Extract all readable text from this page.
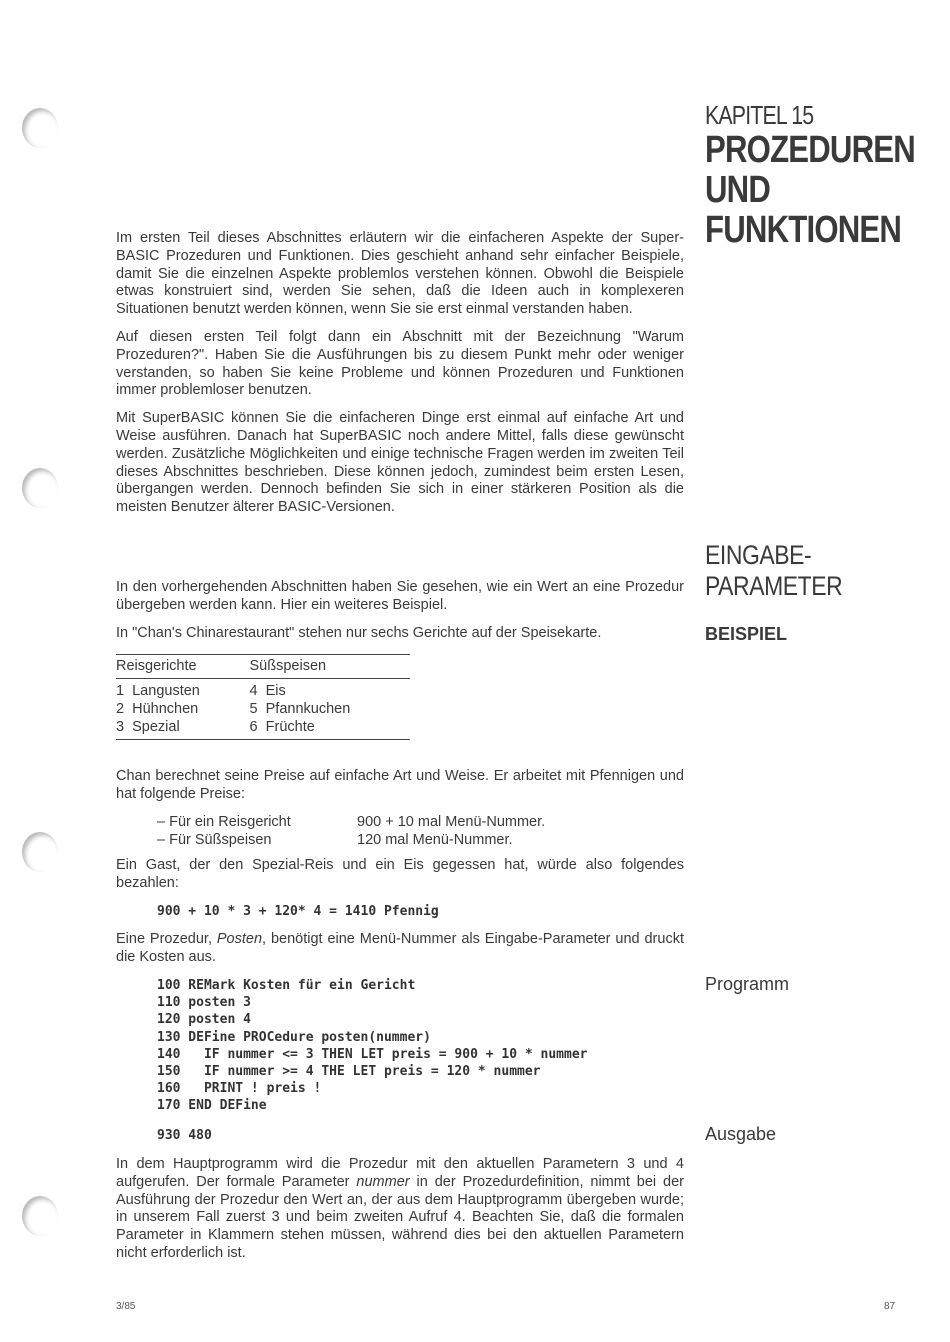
KAPITEL 15
PROZEDUREN
UND
FUNKTIONEN
EINGABE-
PARAMETER
BEISPIEL
Programm
Ausgabe

Im ersten Teil dieses Abschnittes erläutern wir die einfacheren Aspekte der Super-BASIC Prozeduren und Funktionen. Dies geschieht anhand sehr einfacher Beispiele, damit Sie die einzelnen Aspekte problemlos verstehen können. Obwohl die Beispiele etwas konstruiert sind, werden Sie sehen, daß die Ideen auch in komplexeren Situationen benutzt werden können, wenn Sie sie erst einmal verstanden haben.

Auf diesen ersten Teil folgt dann ein Abschnitt mit der Bezeichnung "Warum Prozeduren?". Haben Sie die Ausführungen bis zu diesem Punkt mehr oder weniger verstanden, so haben Sie keine Probleme und können Prozeduren und Funktionen immer problemloser benutzen.

Mit SuperBASIC können Sie die einfacheren Dinge erst einmal auf einfache Art und Weise ausführen. Danach hat SuperBASIC noch andere Mittel, falls diese gewünscht werden. Zusätzliche Möglichkeiten und einige technische Fragen werden im zweiten Teil dieses Abschnittes beschrieben. Diese können jedoch, zumindest beim ersten Lesen, übergangen werden. Dennoch befinden Sie sich in einer stärkeren Position als die meisten Benutzer älterer BASIC-Versionen.

In den vorhergehenden Abschnitten haben Sie gesehen, wie ein Wert an eine Prozedur übergeben werden kann. Hier ein weiteres Beispiel.

In "Chan's Chinarestaurant" stehen nur sechs Gerichte auf der Speisekarte.

Reisgerichte	Süßspeisen
1  Langusten	4  Eis
2  Hühnchen	5  Pfannkuchen
3  Spezial	6  Früchte

Chan berechnet seine Preise auf einfache Art und Weise. Er arbeitet mit Pfennigen und hat folgende Preise:

– Für ein Reisgericht	900 + 10 mal Menü-Nummer.
– Für Süßspeisen	120 mal Menü-Nummer.

Ein Gast, der den Spezial-Reis und ein Eis gegessen hat, würde also folgendes bezahlen:

900 + 10 * 3 + 120* 4 = 1410 Pfennig

Eine Prozedur, Posten, benötigt eine Menü-Nummer als Eingabe-Parameter und druckt die Kosten aus.

100 REMark Kosten für ein Gericht
110 posten 3
120 posten 4
130 DEFine PROCedure posten(nummer)
140   IF nummer <= 3 THEN LET preis = 900 + 10 * nummer
150   IF nummer >= 4 THE LET preis = 120 * nummer
160   PRINT ! preis !
170 END DEFine
930 480

In dem Hauptprogramm wird die Prozedur mit den aktuellen Parametern 3 und 4 aufgerufen. Der formale Parameter nummer in der Prozedurdefinition, nimmt bei der Ausführung der Prozedur den Wert an, der aus dem Hauptprogramm übergeben wurde; in unserem Fall zuerst 3 und beim zweiten Aufruf 4. Beachten Sie, daß die formalen Parameter in Klammern stehen müssen, während dies bei den aktuellen Parametern nicht erforderlich ist.

3/85	87
